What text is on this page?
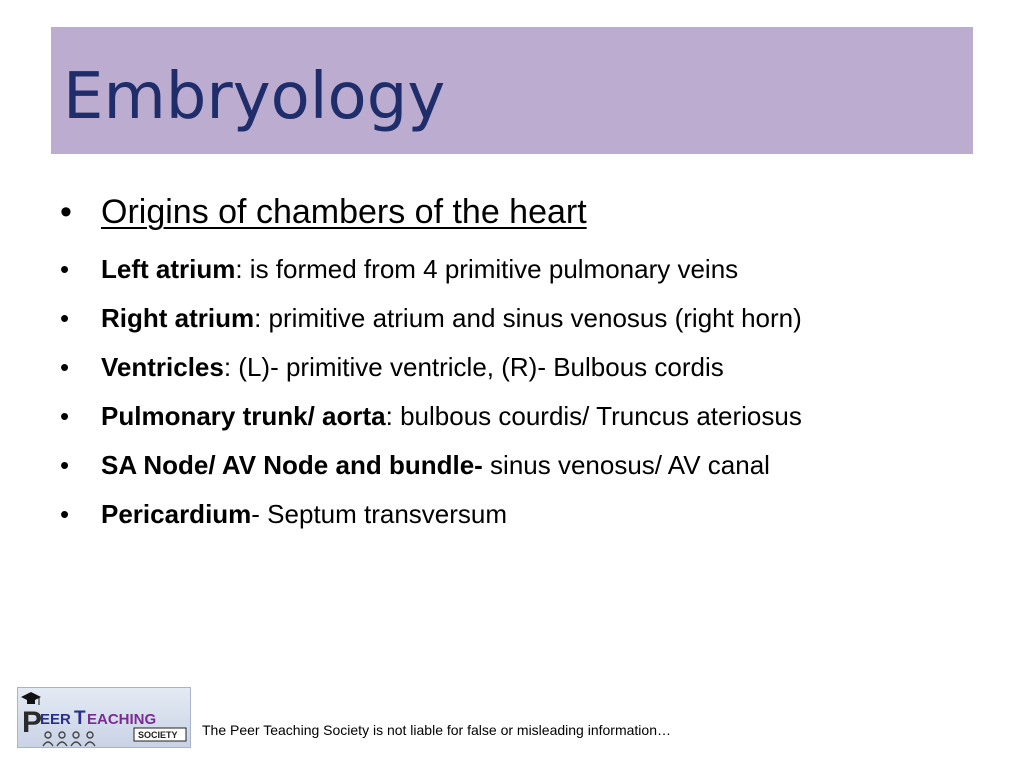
Embryology
• Origins of chambers of the heart
• Left atrium: is formed from 4 primitive pulmonary veins
• Right atrium: primitive atrium and sinus venosus (right horn)
• Ventricles: (L)- primitive ventricle, (R)- Bulbous cordis
• Pulmonary trunk/ aorta: bulbous courdis/ Truncus ateriosus
• SA Node/ AV Node and bundle- sinus venosus/ AV canal
• Pericardium- Septum transversum
P
EER T EACHING
SOCIETY The Peer Teaching Society is not liable for false or misleading information…
